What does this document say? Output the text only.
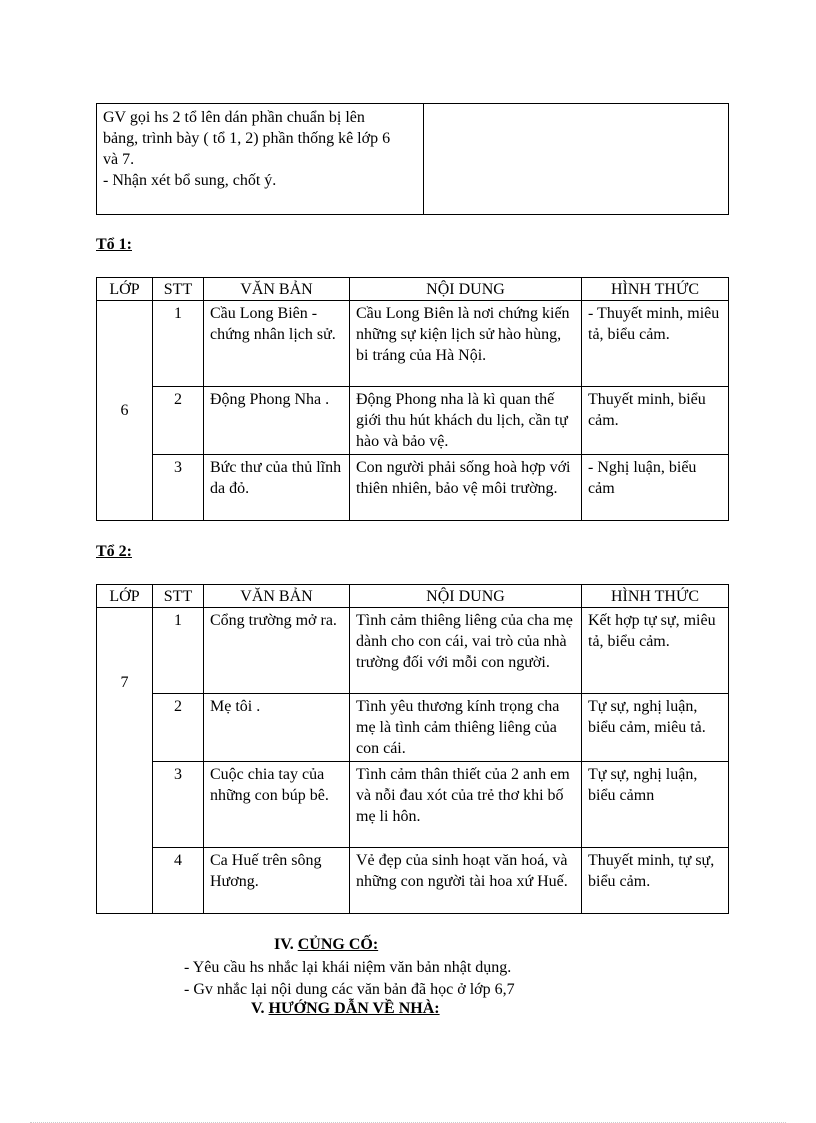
GV gọi hs 2 tổ lên dán phần chuẩn bị lên
bảng, trình bày ( tổ 1, 2) phần thống kê lớp 6
và 7.
- Nhận xét bổ sung, chốt ý.

Tổ 1:
LỚP	STT	VĂN BẢN	NỘI DUNG	HÌNH THỨC
6	1	Cầu Long Biên - chứng nhân lịch sử.	Cầu Long Biên là nơi chứng kiến những sự kiện lịch sử hào hùng, bi tráng của Hà Nội.	- Thuyết minh, miêu tả, biểu cảm.
	2	Động Phong Nha .	Động Phong nha là kì quan thế giới thu hút khách du lịch, cần tự hào và bảo vệ.	Thuyết minh, biểu cảm.
	3	Bức thư của thủ lĩnh da đỏ.	Con người phải sống hoà hợp với thiên nhiên, bảo vệ môi trường.	- Nghị luận, biểu cảm
Tổ 2:
LỚP	STT	VĂN BẢN	NỘI DUNG	HÌNH THỨC
7	1	Cổng trường mở ra.	Tình cảm thiêng liêng của cha mẹ dành cho con cái, vai trò của nhà trường đối với mỗi con người.	Kết hợp tự sự, miêu tả, biểu cảm.
	2	Mẹ tôi .	Tình yêu thương kính trọng cha mẹ là tình cảm thiêng liêng của con cái.	Tự sự, nghị luận, biểu cảm, miêu tả.
	3	Cuộc chia tay của những con búp bê.	Tình cảm thân thiết của 2 anh em và nỗi đau xót của trẻ thơ khi bố mẹ li hôn.	Tự sự, nghị luận, biểu cảmn
	4	Ca Huế trên sông Hương.	Vẻ đẹp của sinh hoạt văn hoá, và những con người tài hoa xứ Huế.	Thuyết minh, tự sự, biểu cảm.
IV. CỦNG CỐ:
- Yêu cầu hs nhắc lại khái niệm văn bản nhật dụng.
- Gv nhắc lại nội dung các văn bản đã học ở lớp 6,7
V. HƯỚNG DẪN VỀ NHÀ:
